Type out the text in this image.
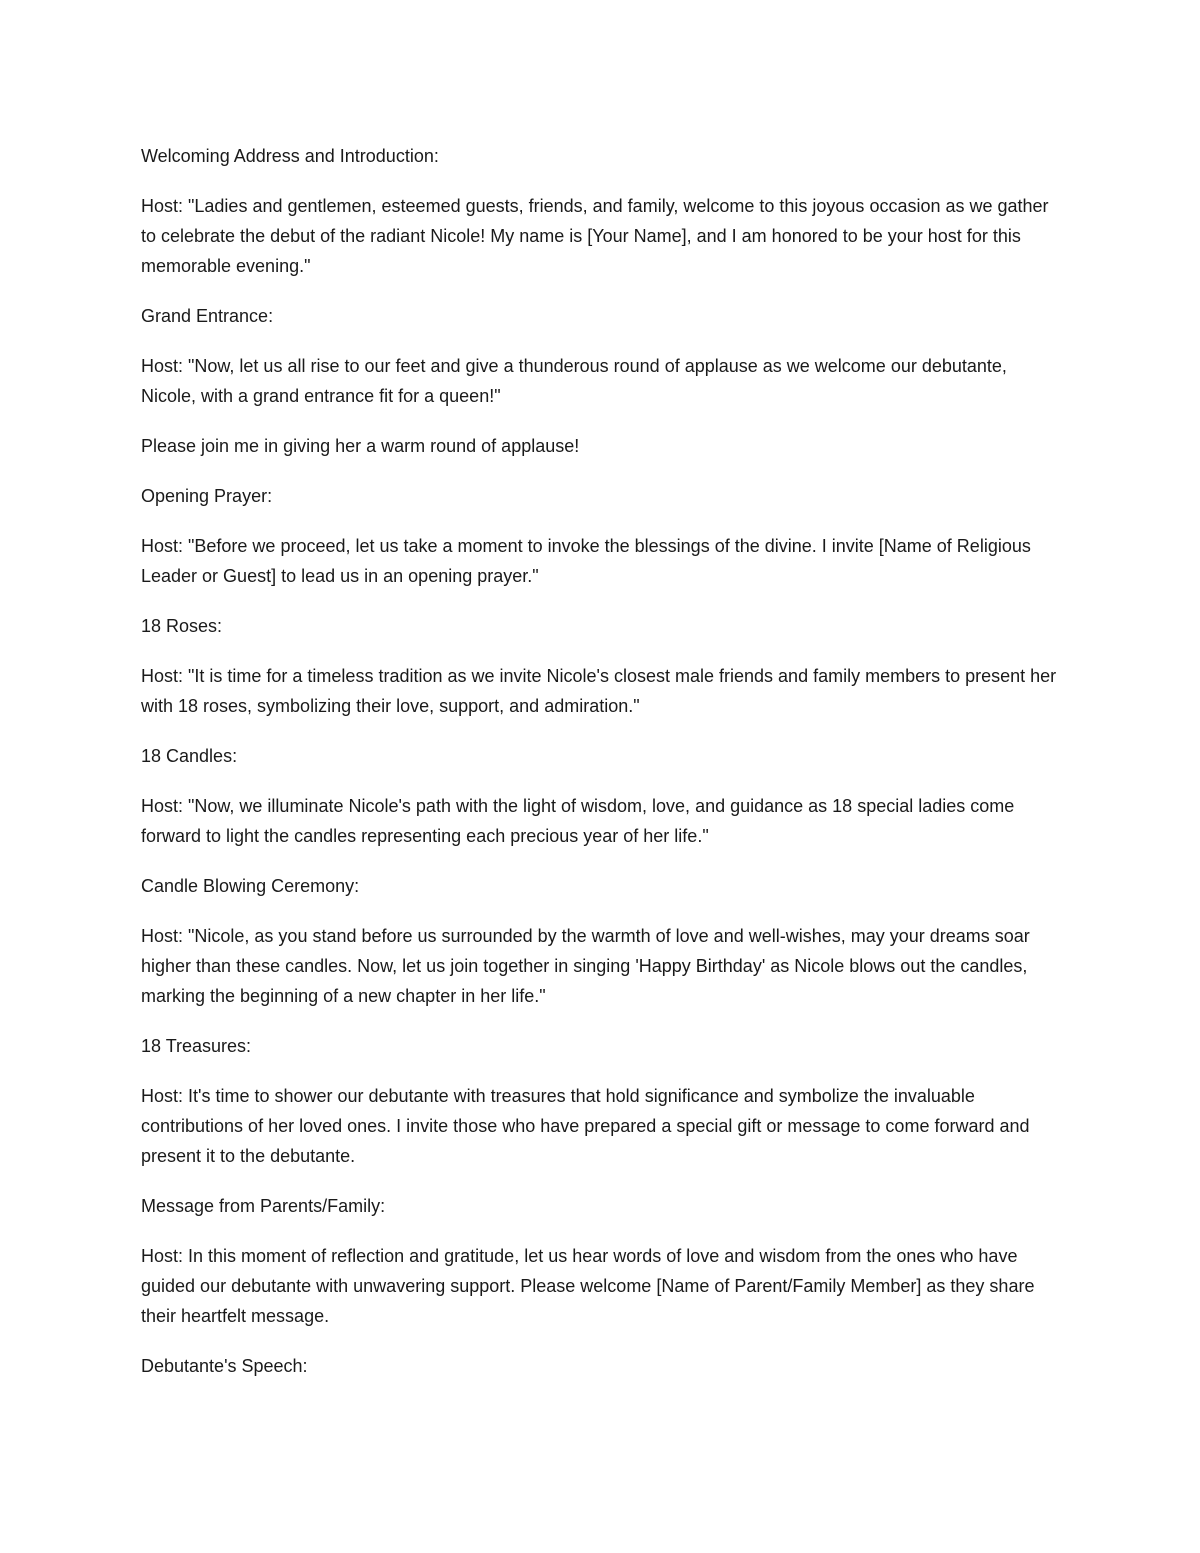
Welcoming Address and Introduction:

Host: "Ladies and gentlemen, esteemed guests, friends, and family, welcome to this joyous occasion as we gather to celebrate the debut of the radiant Nicole! My name is [Your Name], and I am honored to be your host for this memorable evening."

Grand Entrance:

Host: "Now, let us all rise to our feet and give a thunderous round of applause as we welcome our debutante, Nicole, with a grand entrance fit for a queen!"

Please join me in giving her a warm round of applause!

Opening Prayer:

Host: "Before we proceed, let us take a moment to invoke the blessings of the divine. I invite [Name of Religious Leader or Guest] to lead us in an opening prayer."

18 Roses:

Host: "It is time for a timeless tradition as we invite Nicole's closest male friends and family members to present her with 18 roses, symbolizing their love, support, and admiration."

18 Candles:

Host: "Now, we illuminate Nicole's path with the light of wisdom, love, and guidance as 18 special ladies come forward to light the candles representing each precious year of her life."

Candle Blowing Ceremony:

Host: "Nicole, as you stand before us surrounded by the warmth of love and well-wishes, may your dreams soar higher than these candles. Now, let us join together in singing 'Happy Birthday' as Nicole blows out the candles, marking the beginning of a new chapter in her life."

18 Treasures:

Host: It's time to shower our debutante with treasures that hold significance and symbolize the invaluable contributions of her loved ones. I invite those who have prepared a special gift or message to come forward and present it to the debutante.

Message from Parents/Family:

Host: In this moment of reflection and gratitude, let us hear words of love and wisdom from the ones who have guided our debutante with unwavering support. Please welcome [Name of Parent/Family Member] as they share their heartfelt message.

Debutante's Speech:
